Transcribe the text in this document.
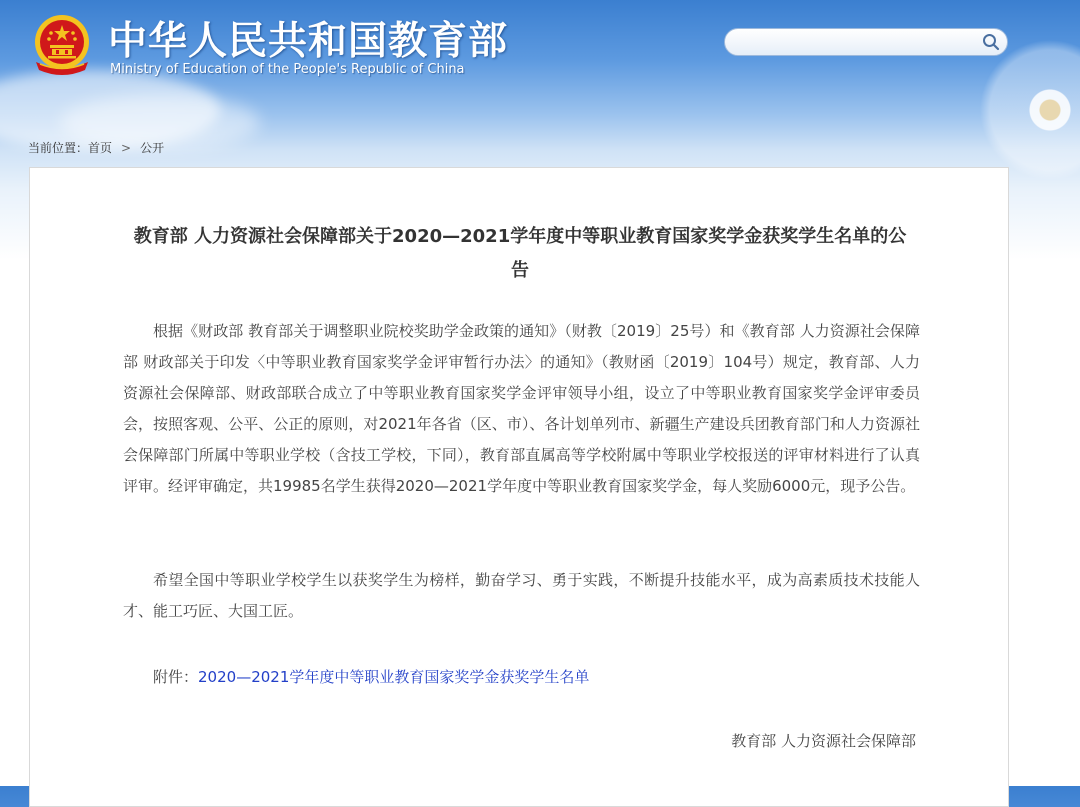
中华人民共和国教育部
Ministry of Education of the People's Republic of China
当前位置：首页 > 公开
教育部 人力资源社会保障部关于2020—2021学年度中等职业教育国家奖学金获奖学生名单的公告
根据《财政部 教育部关于调整职业院校奖助学金政策的通知》（财教〔2019〕25号）和《教育部 人力资源社会保障部 财政部关于印发〈中等职业教育国家奖学金评审暂行办法〉的通知》（教财函〔2019〕104号）规定，教育部、人力资源社会保障部、财政部联合成立了中等职业教育国家奖学金评审领导小组，设立了中等职业教育国家奖学金评审委员会，按照客观、公平、公正的原则，对2021年各省（区、市）、各计划单列市、新疆生产建设兵团教育部门和人力资源社会保障部门所属中等职业学校（含技工学校，下同），教育部直属高等学校附属中等职业学校报送的评审材料进行了认真评审。经评审确定，共19985名学生获得2020—2021学年度中等职业教育国家奖学金，每人奖励6000元，现予公告。
希望全国中等职业学校学生以获奖学生为榜样，勤奋学习、勇于实践，不断提升技能水平，成为高素质技术技能人才、能工巧匠、大国工匠。
附件：2020—2021学年度中等职业教育国家奖学金获奖学生名单
教育部 人力资源社会保障部
